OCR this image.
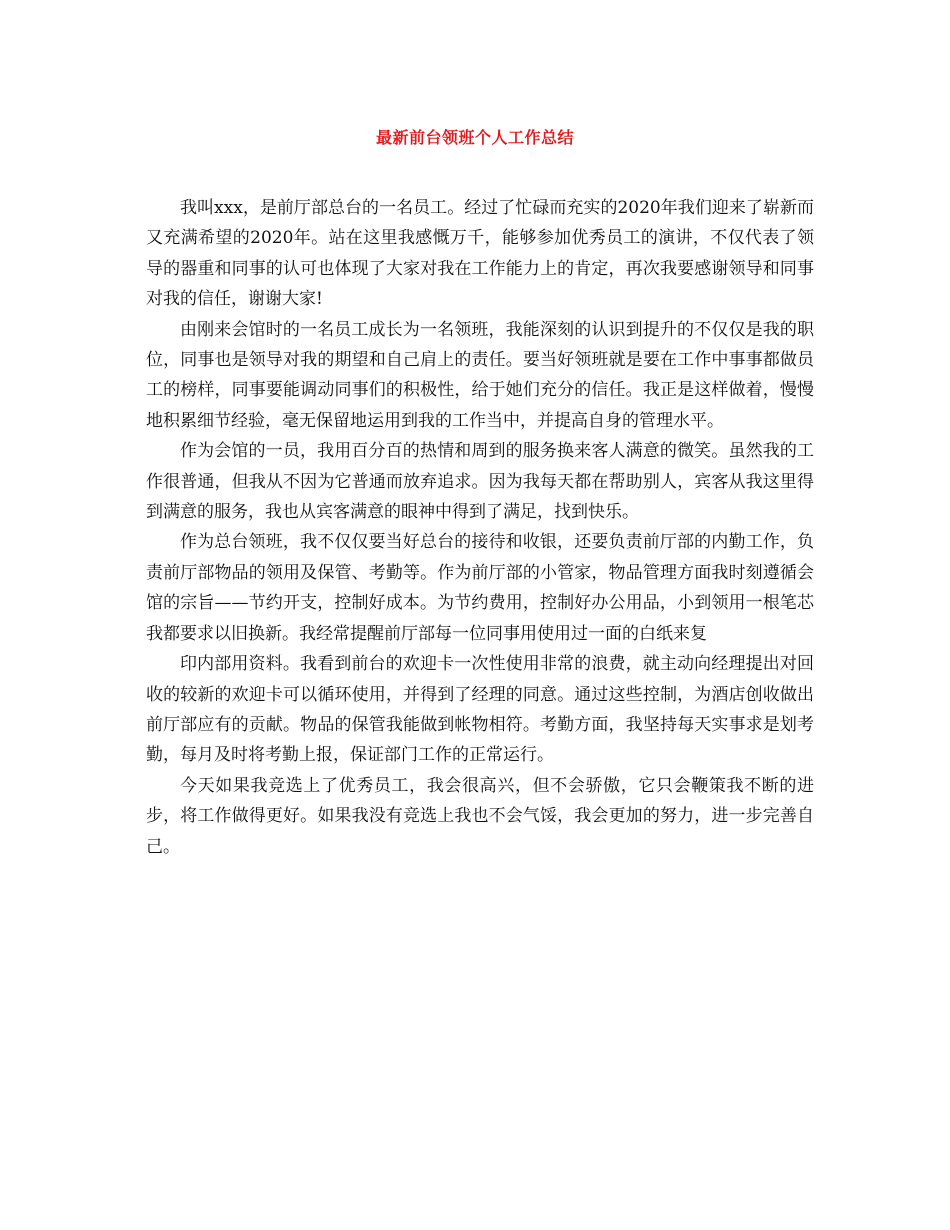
最新前台领班个人工作总结

我叫xxx，是前厅部总台的一名员工。经过了忙碌而充实的2020年我们迎来了崭新而又充满希望的2020年。站在这里我感慨万千，能够参加优秀员工的演讲，不仅代表了领导的器重和同事的认可也体现了大家对我在工作能力上的肯定，再次我要感谢领导和同事对我的信任，谢谢大家!

由刚来会馆时的一名员工成长为一名领班，我能深刻的认识到提升的不仅仅是我的职位，同事也是领导对我的期望和自己肩上的责任。要当好领班就是要在工作中事事都做员工的榜样，同事要能调动同事们的积极性，给于她们充分的信任。我正是这样做着，慢慢地积累细节经验，毫无保留地运用到我的工作当中，并提高自身的管理水平。

作为会馆的一员，我用百分百的热情和周到的服务换来客人满意的微笑。虽然我的工作很普通，但我从不因为它普通而放弃追求。因为我每天都在帮助别人，宾客从我这里得到满意的服务，我也从宾客满意的眼神中得到了满足，找到快乐。

作为总台领班，我不仅仅要当好总台的接待和收银，还要负责前厅部的内勤工作，负责前厅部物品的领用及保管、考勤等。作为前厅部的小管家，物品管理方面我时刻遵循会馆的宗旨——节约开支，控制好成本。为节约费用，控制好办公用品，小到领用一根笔芯我都要求以旧换新。我经常提醒前厅部每一位同事用使用过一面的白纸来复

印内部用资料。我看到前台的欢迎卡一次性使用非常的浪费，就主动向经理提出对回收的较新的欢迎卡可以循环使用，并得到了经理的同意。通过这些控制，为酒店创收做出前厅部应有的贡献。物品的保管我能做到帐物相符。考勤方面，我坚持每天实事求是划考勤，每月及时将考勤上报，保证部门工作的正常运行。

今天如果我竞选上了优秀员工，我会很高兴，但不会骄傲，它只会鞭策我不断的进步，将工作做得更好。如果我没有竞选上我也不会气馁，我会更加的努力，进一步完善自己。
